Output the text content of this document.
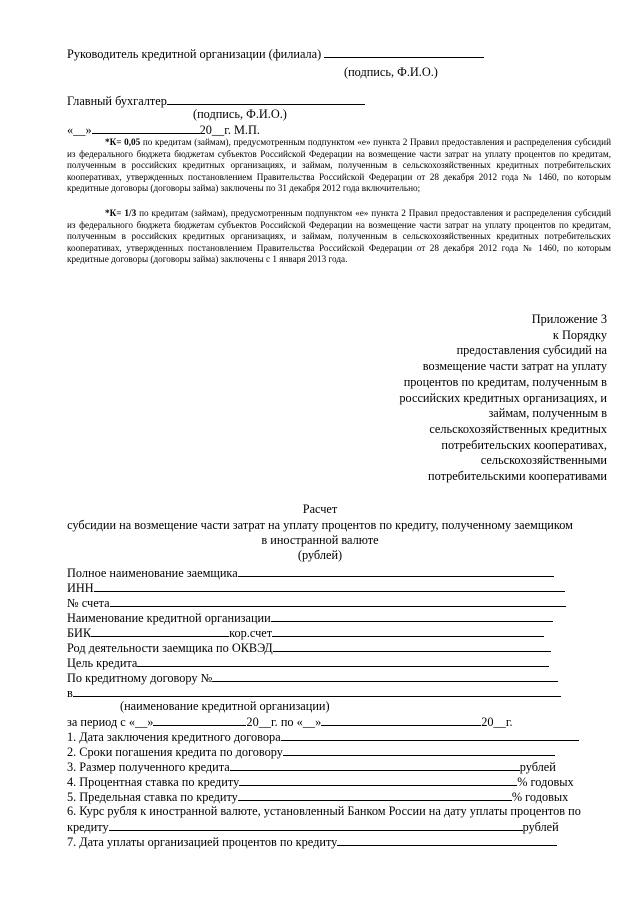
Руководитель кредитной организации (филиала)
(подпись, Ф.И.О.)
Главный бухгалтер
(подпись, Ф.И.О.)
«__»	20__г. М.П.
*К= 0,05 по кредитам (займам), предусмотренным подпунктом «е» пункта 2 Правил предоставления и распределения субсидий из федерального бюджета бюджетам субъектов Российской Федерации на возмещение части затрат на уплату процентов по кредитам, полученным в российских кредитных организациях, и займам, полученным в сельскохозяйственных кредитных потребительских кооперативах, утвержденных постановлением Правительства Российской Федерации от 28 декабря 2012 года № 1460, по которым кредитные договоры (договоры займа) заключены по 31 декабря 2012 года включительно;
*К= 1/3 по кредитам (займам), предусмотренным подпунктом «е» пункта 2 Правил предоставления и распределения субсидий из федерального бюджета бюджетам субъектов Российской Федерации на возмещение части затрат на уплату процентов по кредитам, полученным в российских кредитных организациях, и займам, полученным в сельскохозяйственных кредитных потребительских кооперативах, утвержденных постановлением Правительства Российской Федерации от 28 декабря 2012 года № 1460, по которым кредитные договоры (договоры займа) заключены с 1 января 2013 года.
Приложение 3
к Порядку
предоставления субсидий на
возмещение части затрат на уплату
процентов по кредитам, полученным в
российских кредитных организациях, и
займам, полученным в
сельскохозяйственных кредитных
потребительских кооперативах,
сельскохозяйственными
потребительскими кооперативами
Расчет
субсидии на возмещение части затрат на уплату процентов по кредиту, полученному заемщиком
в иностранной валюте
(рублей)
Полное наименование заемщика
ИНН
№ счета
Наименование кредитной организации
БИК	кор.счет
Род деятельности заемщика по ОКВЭД
Цель кредита
По кредитному договору №
в
(наименование кредитной организации)
за период с «__»	20__г. по «__»	20__г.
1. Дата заключения кредитного договора
2. Сроки погашения кредита по договору
3. Размер полученного кредита	рублей
4. Процентная ставка по кредиту	% годовых
5. Предельная ставка по кредиту	% годовых
6. Курс рубля к иностранной валюте, установленный Банком России на дату уплаты процентов по
кредиту	рублей
7. Дата уплаты организацией процентов по кредиту
